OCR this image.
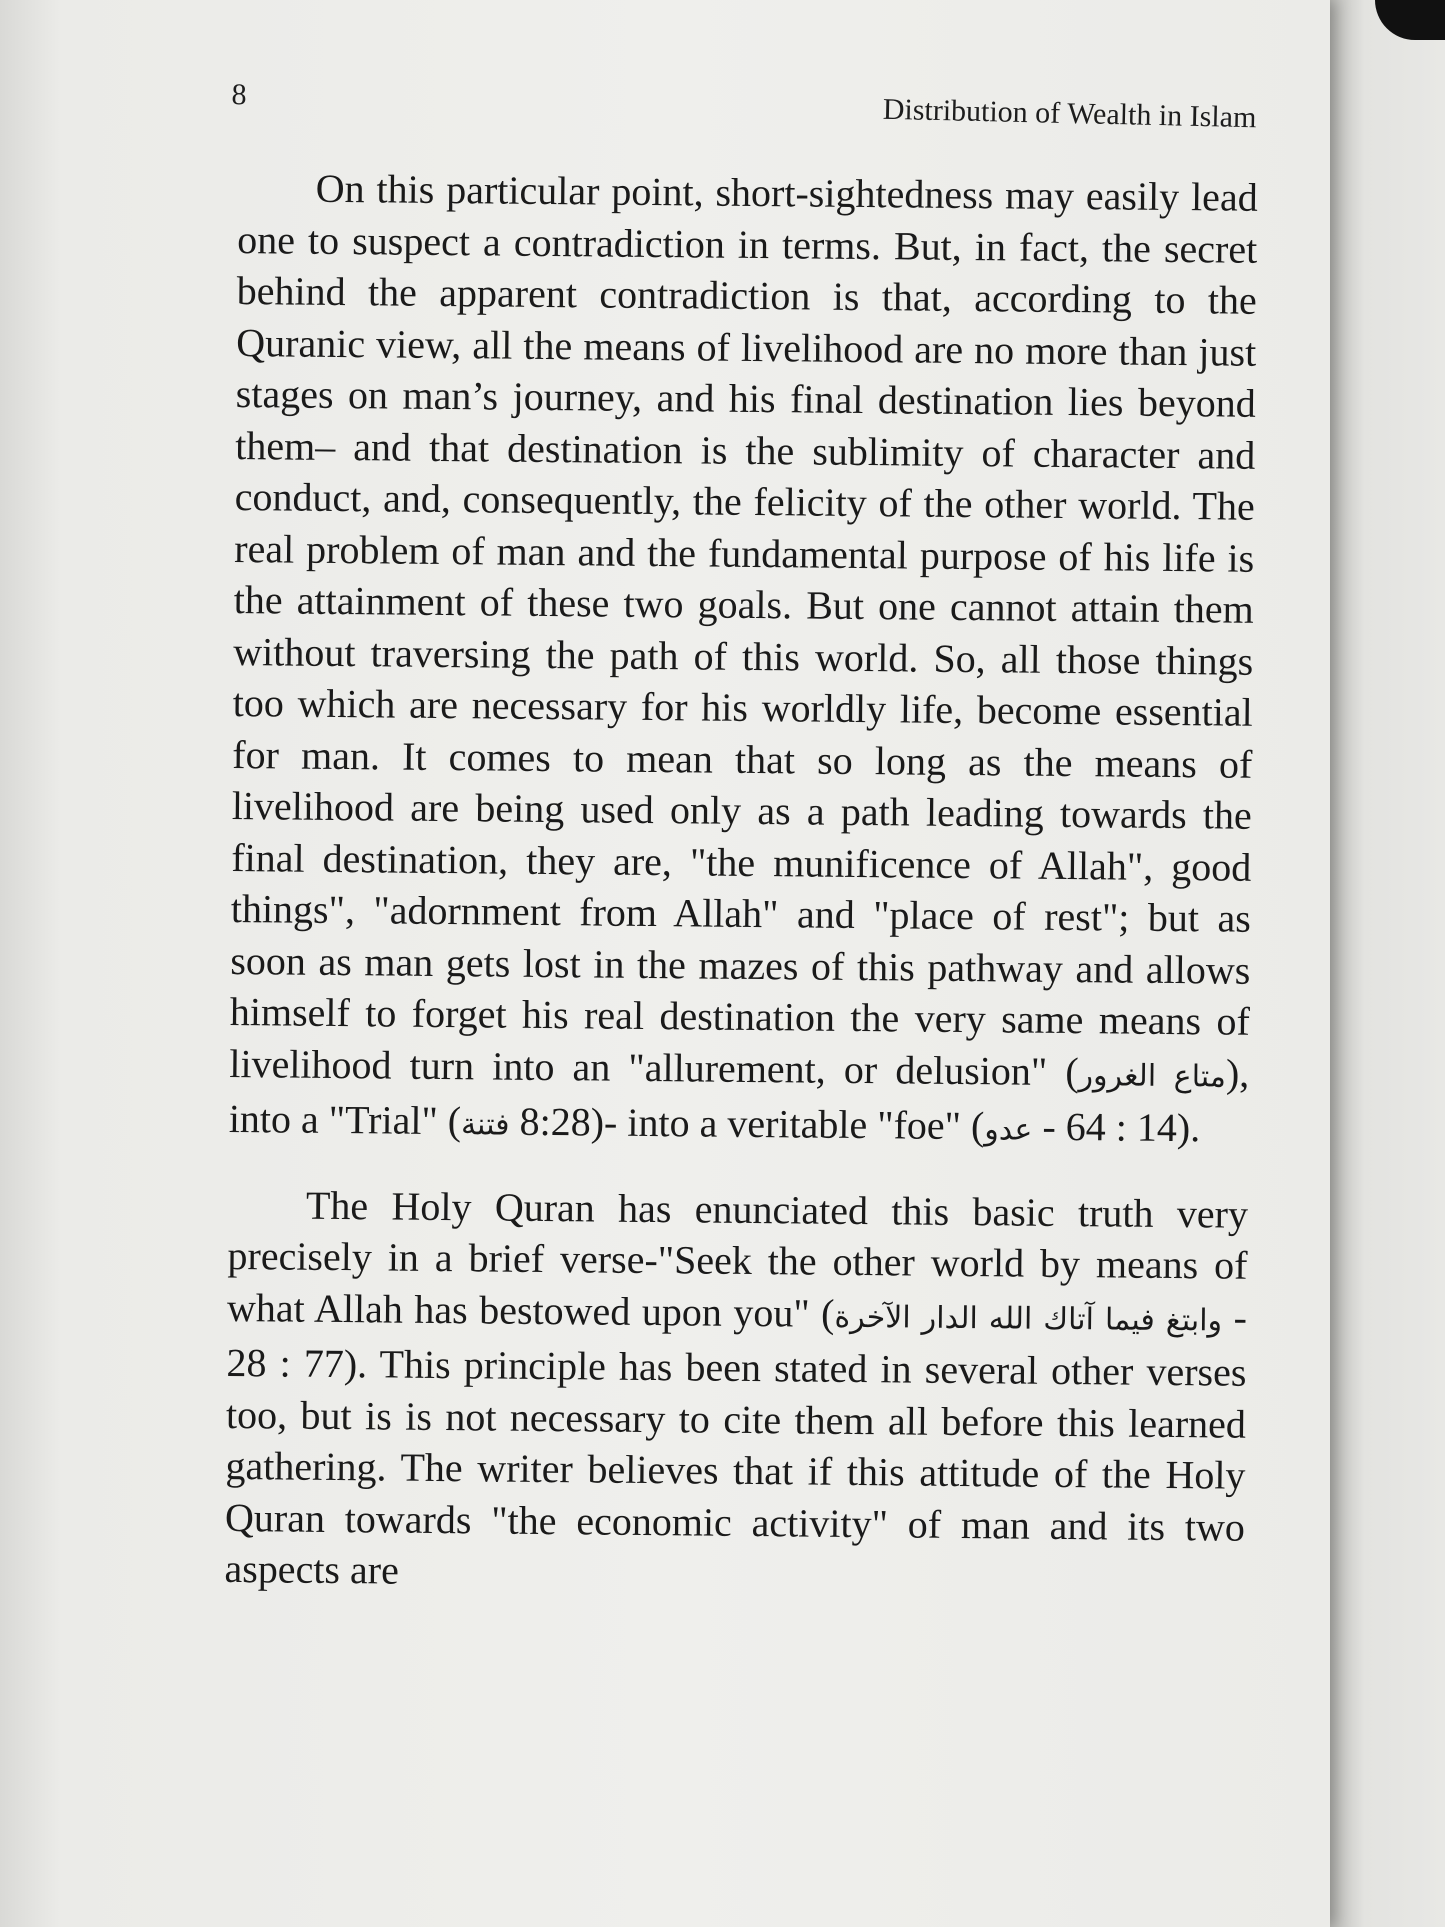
8	Distribution of Wealth in Islam

On this particular point, short-sightedness may easily lead one to suspect a contradiction in terms. But, in fact, the secret behind the apparent contradiction is that, according to the Quranic view, all the means of livelihood are no more than just stages on man’s journey, and his final destination lies beyond them– and that destination is the sublimity of character and conduct, and, consequently, the felicity of the other world. The real problem of man and the fundamental purpose of his life is the attainment of these two goals. But one cannot attain them without traversing the path of this world. So, all those things too which are necessary for his worldly life, become essential for man. It comes to mean that so long as the means of livelihood are being used only as a path leading towards the final destination, they are, "the munificence of Allah", good things", "adornment from Allah" and "place of rest"; but as soon as man gets lost in the mazes of this pathway and allows himself to forget his real destination the very same means of livelihood turn into an "allurement, or delusion" (متاع الغرور), into a "Trial" (فتنة 8:28)- into a veritable "foe" (عدو - 64 : 14).

The Holy Quran has enunciated this basic truth very precisely in a brief verse-"Seek the other world by means of what Allah has bestowed upon you" (وابتغ فيما آتاك الله الدار الآخرة - 28 : 77). This principle has been stated in several other verses too, but is is not necessary to cite them all before this learned gathering. The writer believes that if this attitude of the Holy Quran towards "the economic activity" of man and its two aspects are
